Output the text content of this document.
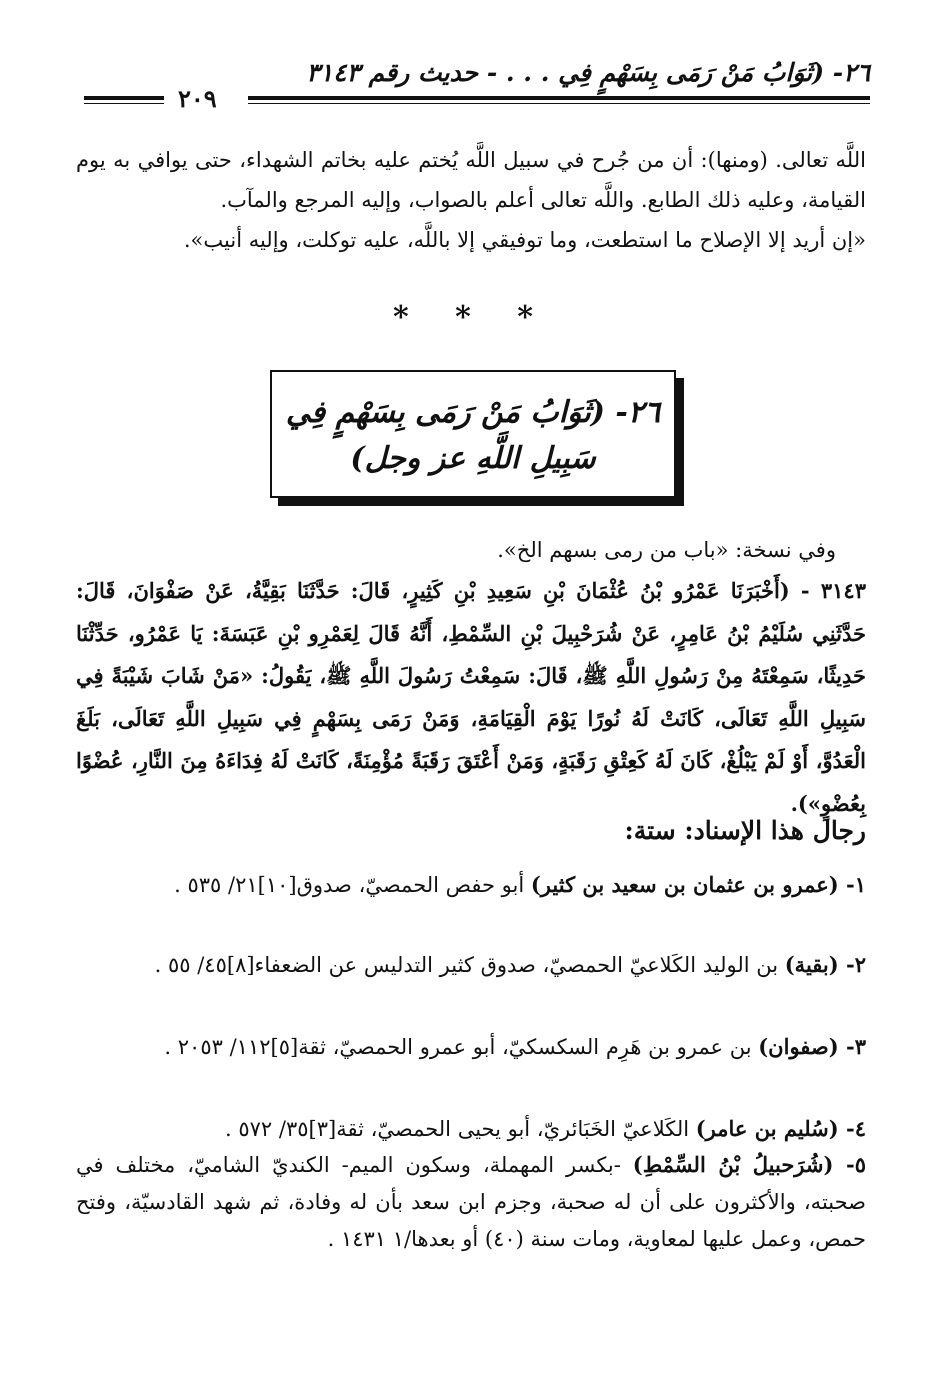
٢٦- (ثَوَابُ مَنْ رَمَى بِسَهْمٍ فِي . . . - حديث رقم ٣١٤٣
٢٠٩
اللَّه تعالى. (ومنها): أن من جُرح في سبيل اللَّه يُختم عليه بخاتم الشهداء، حتى يوافي به يوم القيامة، وعليه ذلك الطابع. واللَّه تعالى أعلم بالصواب، وإليه المرجع والمآب.
«إن أريد إلا الإصلاح ما استطعت، وما توفيقي إلا باللَّه، عليه توكلت، وإليه أنيب».
* * *
٢٦- (ثَوَابُ مَنْ رَمَى بِسَهْمٍ فِي
سَبِيلِ اللَّهِ عز وجل)
وفي نسخة: «باب من رمى بسهم الخ».
٣١٤٣ - (أَخْبَرَنَا عَمْرُو بْنُ عُثْمَانَ بْنِ سَعِيدِ بْنِ كَثِيرٍ، قَالَ: حَدَّثَنَا بَقِيَّةُ، عَنْ صَفْوَانَ، قَالَ: حَدَّثَنِي سُلَيْمُ بْنُ عَامِرٍ، عَنْ شُرَحْبِيلَ بْنِ السِّمْطِ، أَنَّهُ قَالَ لِعَمْرِو بْنِ عَبَسَةَ: يَا عَمْرُو، حَدِّثْنَا حَدِيثًا، سَمِعْتَهُ مِنْ رَسُولِ اللَّهِ ﷺ، قَالَ: سَمِعْتُ رَسُولَ اللَّهِ ﷺ، يَقُولُ: «مَنْ شَابَ شَيْبَةً فِي سَبِيلِ اللَّهِ تَعَالَى، كَانَتْ لَهُ نُورًا يَوْمَ الْقِيَامَةِ، وَمَنْ رَمَى بِسَهْمٍ فِي سَبِيلِ اللَّهِ تَعَالَى، بَلَغَ الْعَدُوَّ، أَوْ لَمْ يَبْلُغْ، كَانَ لَهُ كَعِتْقِ رَقَبَةٍ، وَمَنْ أَعْتَقَ رَقَبَةً مُؤْمِنَةً، كَانَتْ لَهُ فِدَاءَهُ مِنَ النَّارِ، عُضْوًا بِعُضْوٍ»).
رجال هذا الإسناد: ستة:
١- (عمرو بن عثمان بن سعيد بن كثير) أبو حفص الحمصيّ، صدوق[١٠]٢١/ ٥٣٥ .
٢- (بقية) بن الوليد الكَلاعيّ الحمصيّ، صدوق كثير التدليس عن الضعفاء[٨]٤٥/ ٥٥ .
٣- (صفوان) بن عمرو بن هَرِم السكسكيّ، أبو عمرو الحمصيّ، ثقة[٥]١١٢/ ٢٠٥٣ .
٤- (سُليم بن عامر) الكَلاعيّ الخَبَائريّ، أبو يحيى الحمصيّ، ثقة[٣]٣٥/ ٥٧٢ .
٥- (شُرَحبيلُ بْنُ السِّمْطِ) -بكسر المهملة، وسكون الميم- الكنديّ الشاميّ، مختلف في صحبته، والأكثرون على أن له صحبة، وجزم ابن سعد بأن له وفادة، ثم شهد القادسيّة، وفتح حمص، وعمل عليها لمعاوية، ومات سنة (٤٠) أو بعدها/١ ١٤٣١ .
